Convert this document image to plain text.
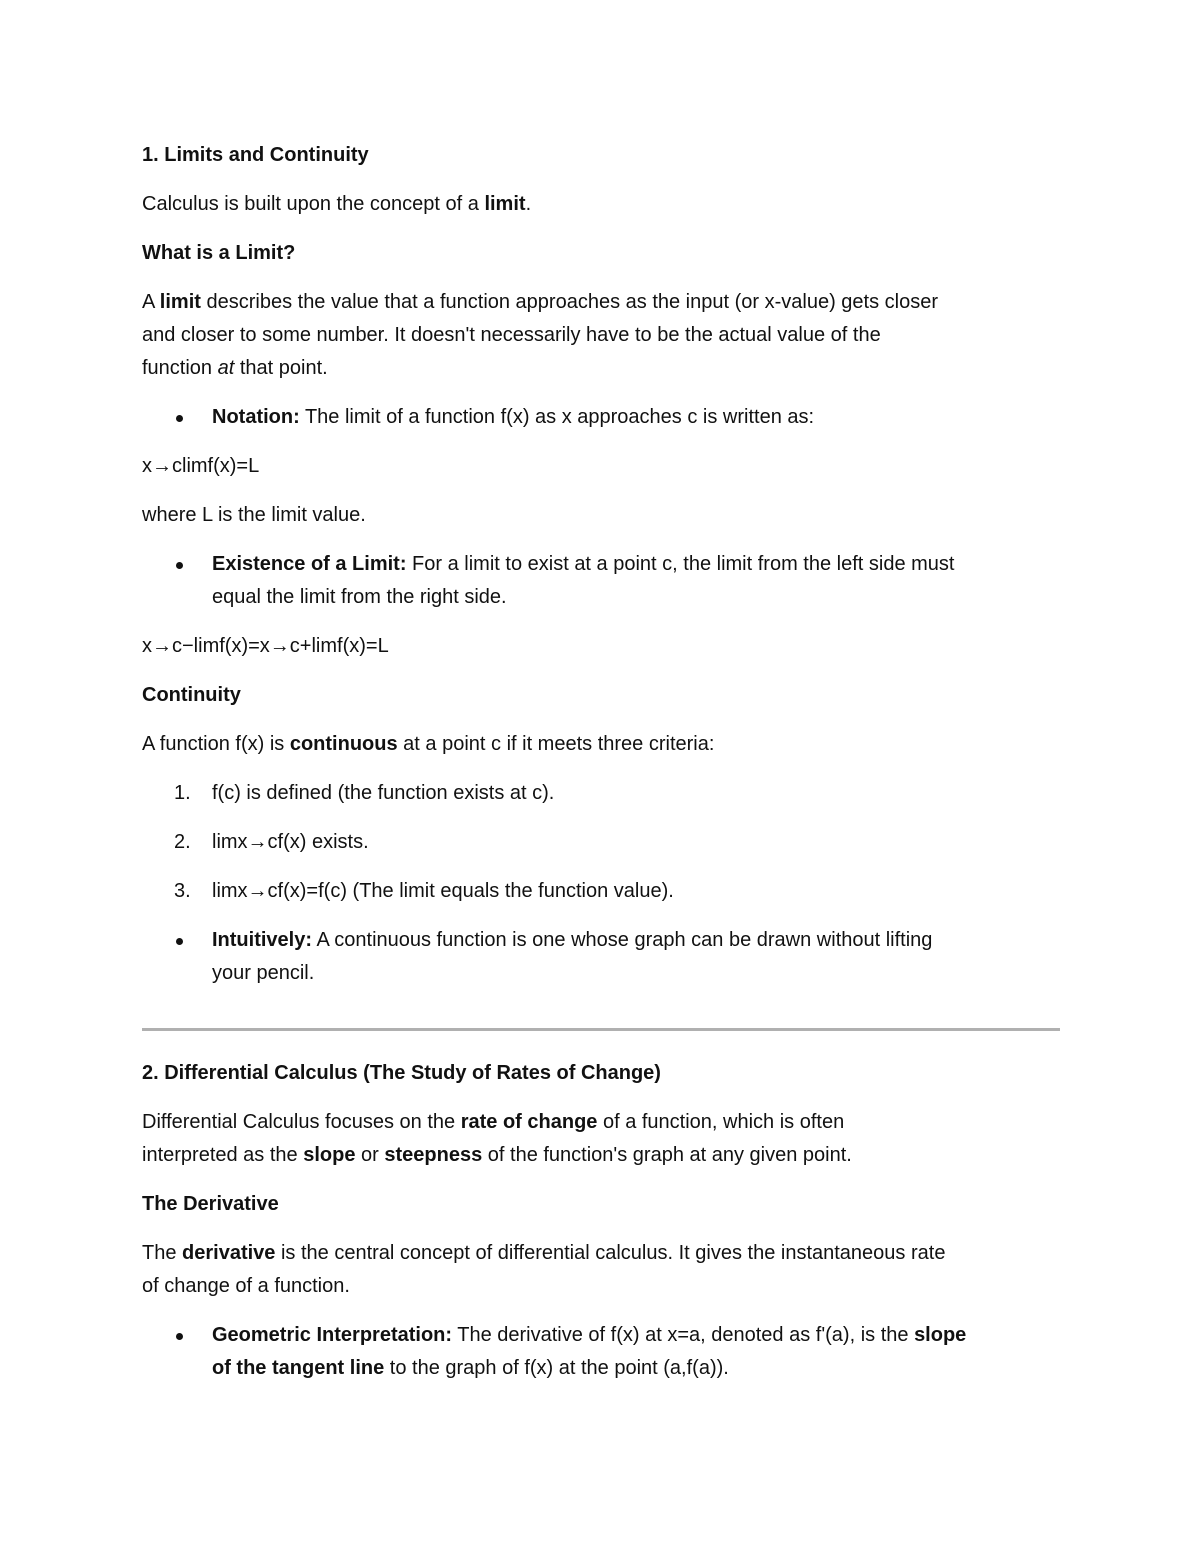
1. Limits and Continuity

Calculus is built upon the concept of a limit.

What is a Limit?

A limit describes the value that a function approaches as the input (or x-value) gets closer
and closer to some number. It doesn't necessarily have to be the actual value of the
function at that point.

Notation: The limit of a function f(x) as x approaches c is written as:

x→climf(x)=L

where L is the limit value.

Existence of a Limit: For a limit to exist at a point c, the limit from the left side must
equal the limit from the right side.

x→c−limf(x)=x→c+limf(x)=L

Continuity

A function f(x) is continuous at a point c if it meets three criteria:

1. f(c) is defined (the function exists at c).
2. limx→cf(x) exists.
3. limx→cf(x)=f(c) (The limit equals the function value).
Intuitively: A continuous function is one whose graph can be drawn without lifting
your pencil.

2. Differential Calculus (The Study of Rates of Change)

Differential Calculus focuses on the rate of change of a function, which is often
interpreted as the slope or steepness of the function's graph at any given point.

The Derivative

The derivative is the central concept of differential calculus. It gives the instantaneous rate
of change of a function.

Geometric Interpretation: The derivative of f(x) at x=a, denoted as f'(a), is the slope
of the tangent line to the graph of f(x) at the point (a,f(a)).
